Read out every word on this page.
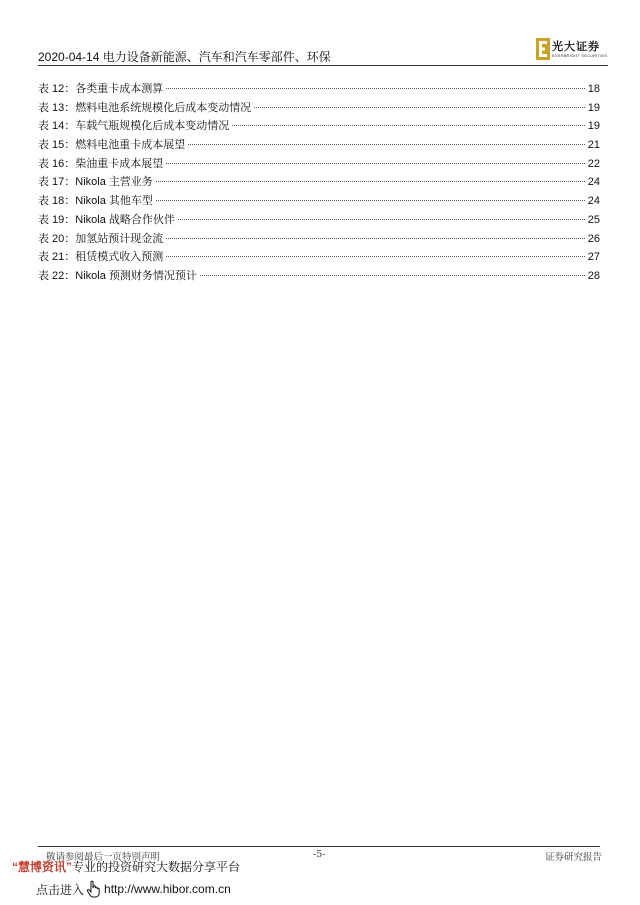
2020-04-14 电力设备新能源、汽车和汽车零部件、环保
光大证券
EVERBRIGHT SECURITIES
表 12：各类重卡成本测算	18
表 13：燃料电池系统规模化后成本变动情况	19
表 14：车载气瓶规模化后成本变动情况	19
表 15：燃料电池重卡成本展望	21
表 16：柴油重卡成本展望	22
表 17：Nikola 主营业务	24
表 18：Nikola 其他车型	24
表 19：Nikola 战略合作伙伴	25
表 20：加氢站预计现金流	26
表 21：租赁模式收入预测	27
表 22：Nikola 预测财务情况预计	28
敬请参阅最后一页特别声明	-5-	证券研究报告
“慧博资讯”专业的投资研究大数据分享平台
点击进入 http://www.hibor.com.cn
